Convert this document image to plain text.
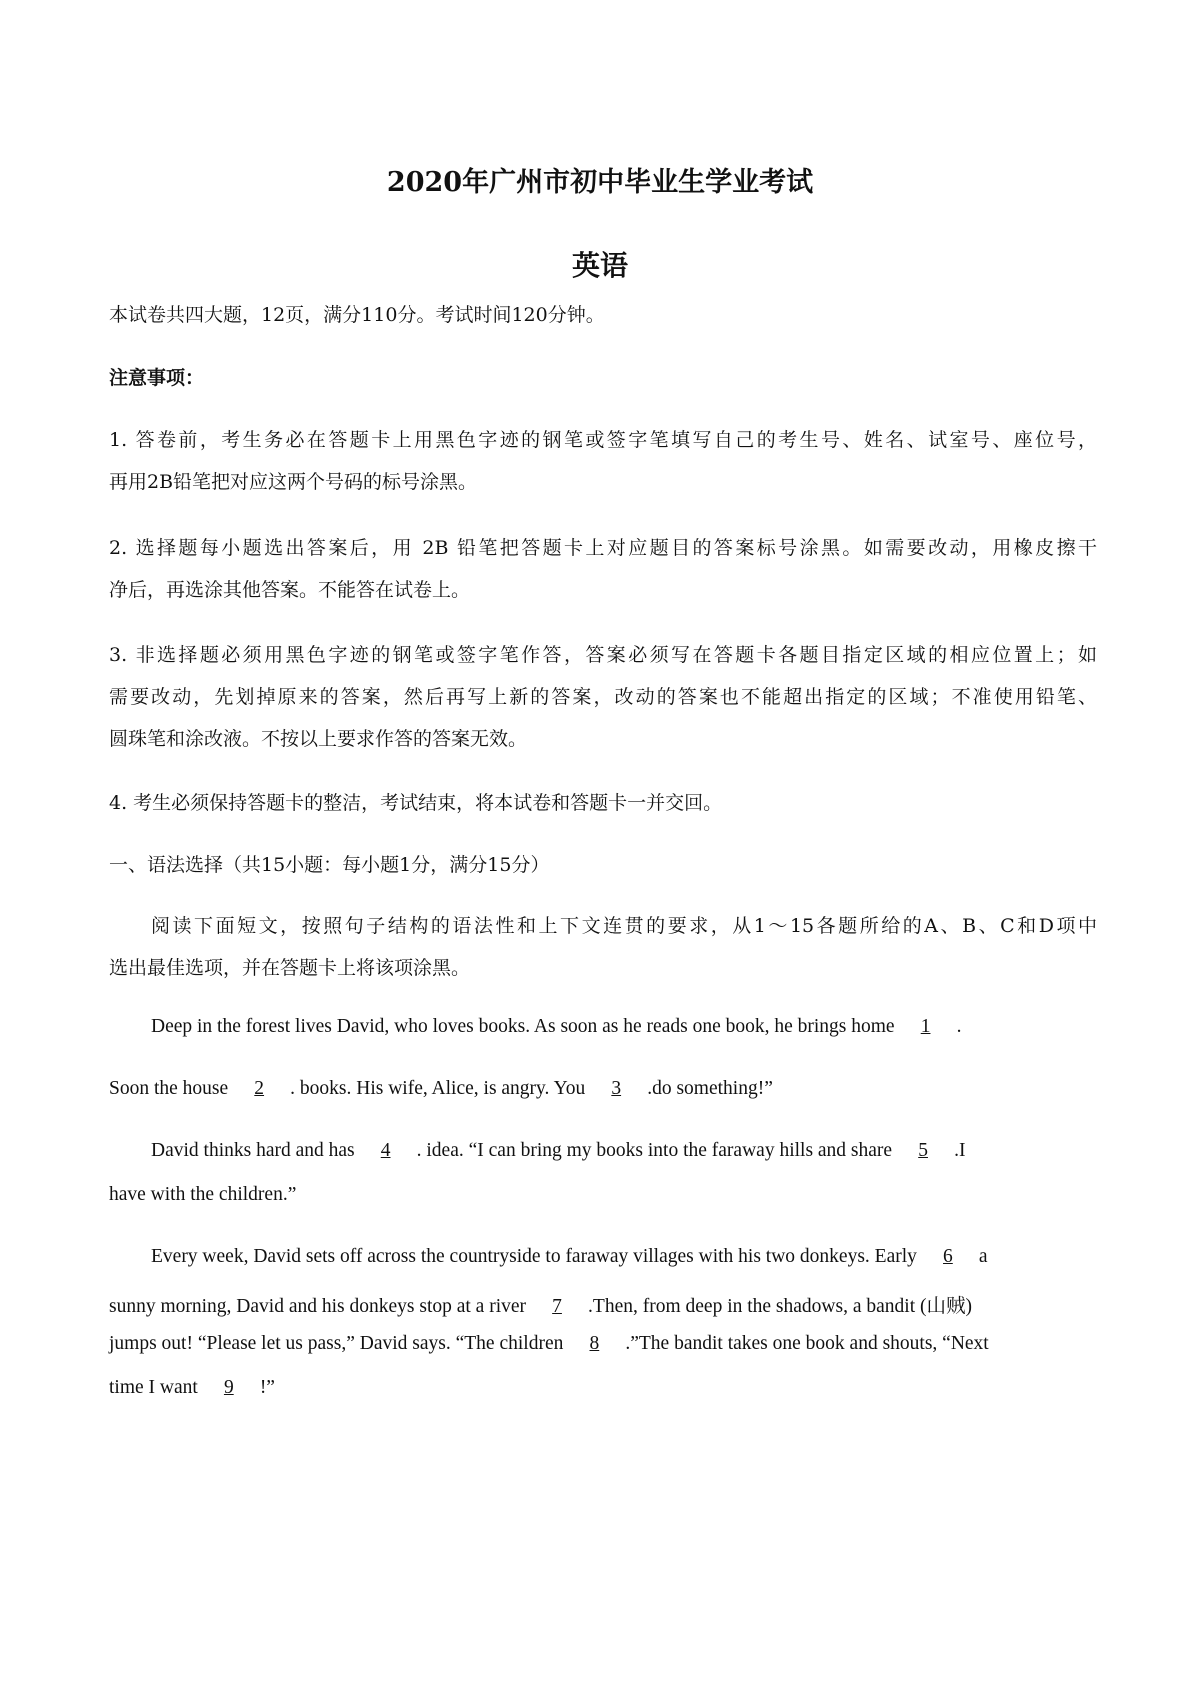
2020年广州市初中毕业生学业考试
英语
本试卷共四大题，12页，满分110分。考试时间120分钟。
注意事项：
1. 答卷前，考生务必在答题卡上用黑色字迹的钢笔或签字笔填写自己的考生号、姓名、试室号、座位号，
再用2B铅笔把对应这两个号码的标号涂黑。
2. 选择题每小题选出答案后，用 2B 铅笔把答题卡上对应题目的答案标号涂黑。如需要改动，用橡皮擦干
净后，再选涂其他答案。不能答在试卷上。
3. 非选择题必须用黑色字迹的钢笔或签字笔作答，答案必须写在答题卡各题目指定区域的相应位置上；如
需要改动，先划掉原来的答案，然后再写上新的答案，改动的答案也不能超出指定的区域；不准使用铅笔、
圆珠笔和涂改液。不按以上要求作答的答案无效。
4. 考生必须保持答题卡的整洁，考试结束，将本试卷和答题卡一并交回。
一、语法选择（共15小题：每小题1分，满分15分）
阅读下面短文，按照句子结构的语法性和上下文连贯的要求，从1～15各题所给的A、B、C和D项中
选出最佳选项，并在答题卡上将该项涂黑。
Deep in the forest lives David, who loves books. As soon as he reads one book, he brings home 1 .
Soon the house 2 . books. His wife, Alice, is angry. You 3 .do something!”
David thinks hard and has 4 . idea. “I can bring my books into the faraway hills and share 5 .I
have with the children.”
Every week, David sets off across the countryside to faraway villages with his two donkeys. Early 6 a
sunny morning, David and his donkeys stop at a river 7 .Then, from deep in the shadows, a bandit (山贼)
jumps out! “Please let us pass,” David says. “The children 8 .”The bandit takes one book and shouts, “Next
time I want 9 !”
